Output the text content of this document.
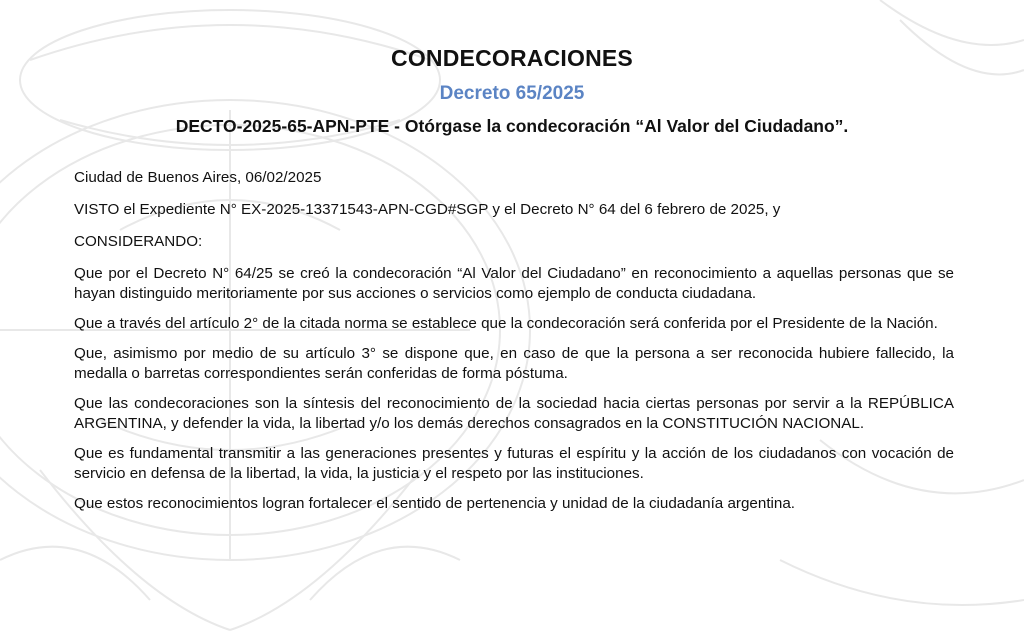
CONDECORACIONES
Decreto 65/2025
DECTO-2025-65-APN-PTE - Otórgase la condecoración “Al Valor del Ciudadano”.

Ciudad de Buenos Aires, 06/02/2025

VISTO el Expediente N° EX-2025-13371543-APN-CGD#SGP y el Decreto N° 64 del 6 febrero de 2025, y

CONSIDERANDO:

Que por el Decreto N° 64/25 se creó la condecoración “Al Valor del Ciudadano” en reconocimiento a aquellas personas que se hayan distinguido meritoriamente por sus acciones o servicios como ejemplo de conducta ciudadana.

Que a través del artículo 2° de la citada norma se establece que la condecoración será conferida por el Presidente de la Nación.

Que, asimismo por medio de su artículo 3° se dispone que, en caso de que la persona a ser reconocida hubiere fallecido, la medalla o barretas correspondientes serán conferidas de forma póstuma.

Que las condecoraciones son la síntesis del reconocimiento de la sociedad hacia ciertas personas por servir a la REPÚBLICA ARGENTINA, y defender la vida, la libertad y/o los demás derechos consagrados en la CONSTITUCIÓN NACIONAL.

Que es fundamental transmitir a las generaciones presentes y futuras el espíritu y la acción de los ciudadanos con vocación de servicio en defensa de la libertad, la vida, la justicia y el respeto por las instituciones.

Que estos reconocimientos logran fortalecer el sentido de pertenencia y unidad de la ciudadanía argentina.
